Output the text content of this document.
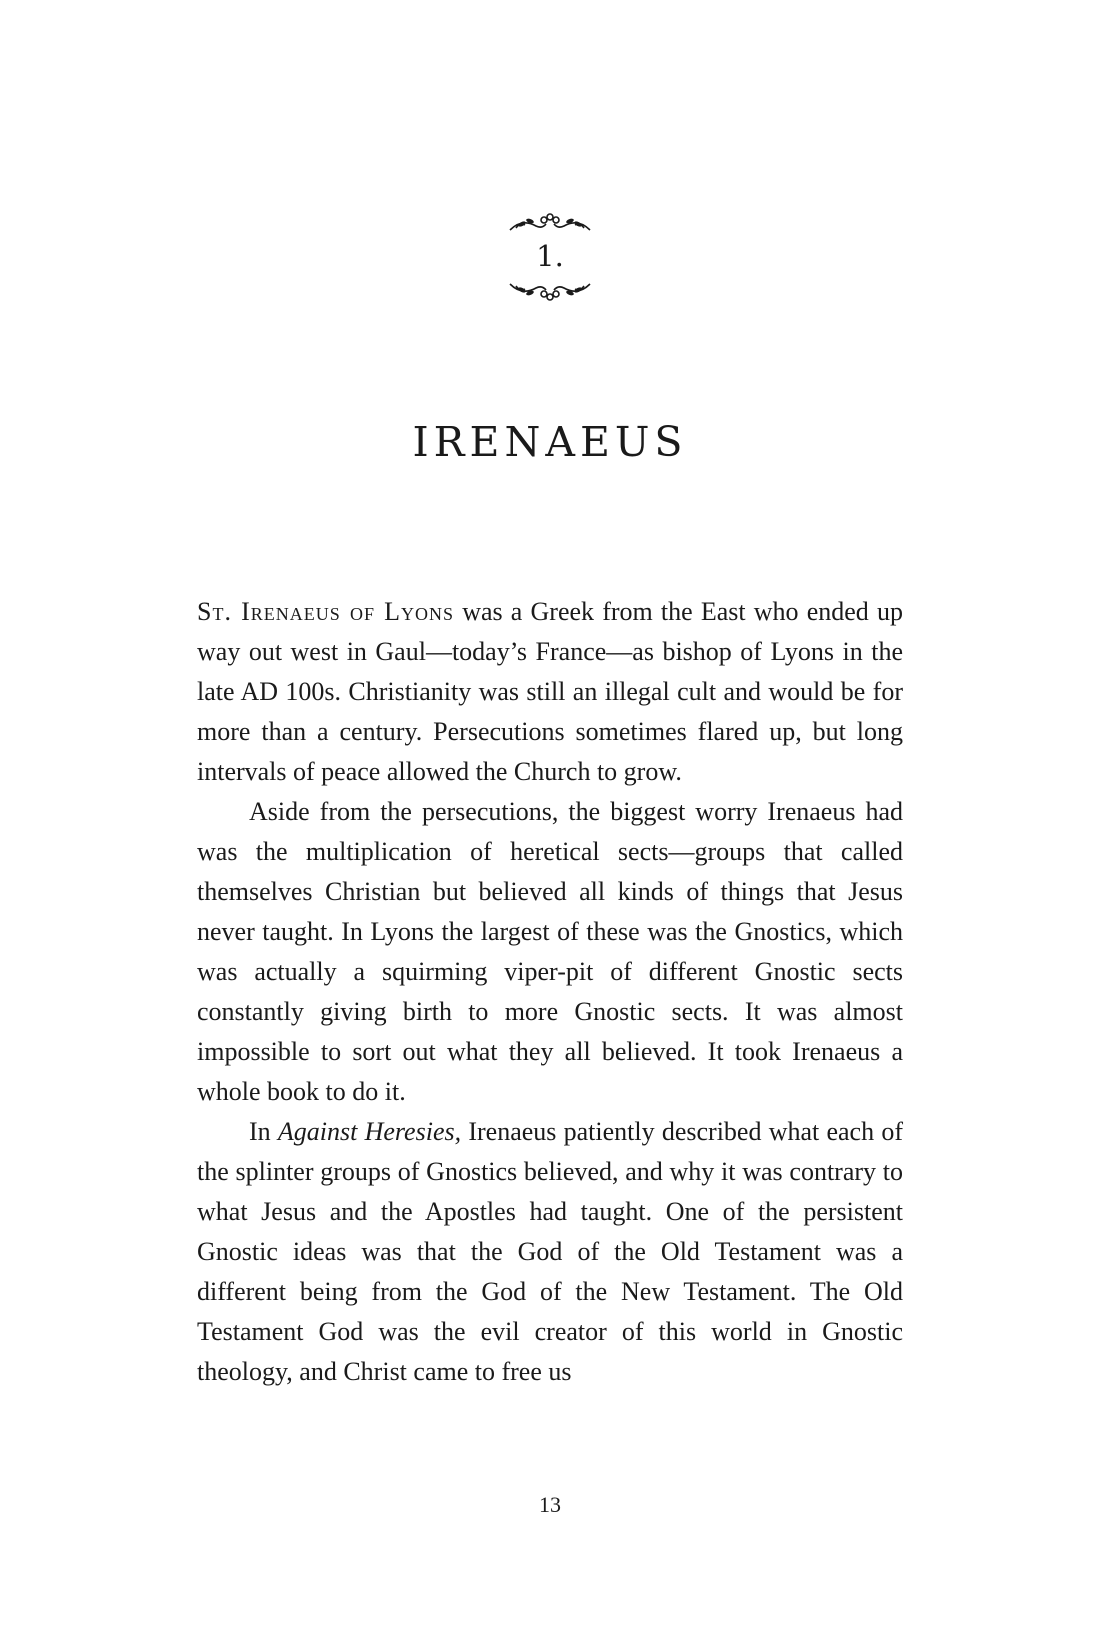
1.
IRENAEUS

St. Irenaeus of Lyons was a Greek from the East who ended up way out west in Gaul—today’s France—as bishop of Lyons in the late AD 100s. Christianity was still an illegal cult and would be for more than a century. Persecutions sometimes flared up, but long intervals of peace allowed the Church to grow.

Aside from the persecutions, the biggest worry Irenaeus had was the multiplication of heretical sects—groups that called themselves Christian but believed all kinds of things that Jesus never taught. In Lyons the largest of these was the Gnostics, which was actually a squirming viper-pit of different Gnostic sects constantly giving birth to more Gnostic sects. It was almost impossible to sort out what they all believed. It took Irenaeus a whole book to do it.

In Against Heresies, Irenaeus patiently described what each of the splinter groups of Gnostics believed, and why it was contrary to what Jesus and the Apostles had taught. One of the persistent Gnostic ideas was that the God of the Old Testament was a different being from the God of the New Testament. The Old Testament God was the evil creator of this world in Gnostic theology, and Christ came to free us

13
